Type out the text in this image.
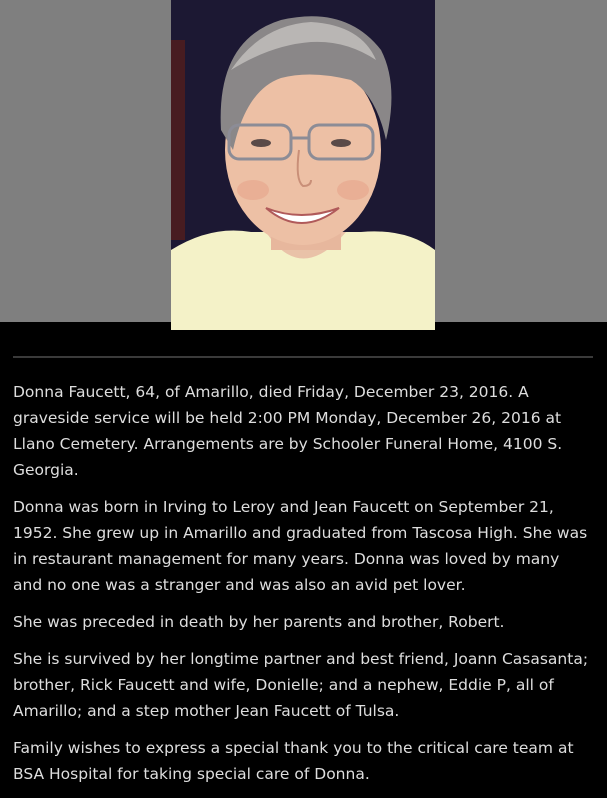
Donna Faucett, 64, of Amarillo, died Friday, December 23, 2016. A graveside service will be held 2:00 PM Monday, December 26, 2016 at Llano Cemetery. Arrangements are by Schooler Funeral Home, 4100 S. Georgia.

Donna was born in Irving to Leroy and Jean Faucett on September 21, 1952. She grew up in Amarillo and graduated from Tascosa High. She was in restaurant management for many years. Donna was loved by many and no one was a stranger and was also an avid pet lover.

She was preceded in death by her parents and brother, Robert.

She is survived by her longtime partner and best friend, Joann Casasanta; brother, Rick Faucett and wife, Donielle; and a nephew, Eddie P, all of Amarillo; and a step mother Jean Faucett of Tulsa.

Family wishes to express a special thank you to the critical care team at BSA Hospital for taking special care of Donna.
